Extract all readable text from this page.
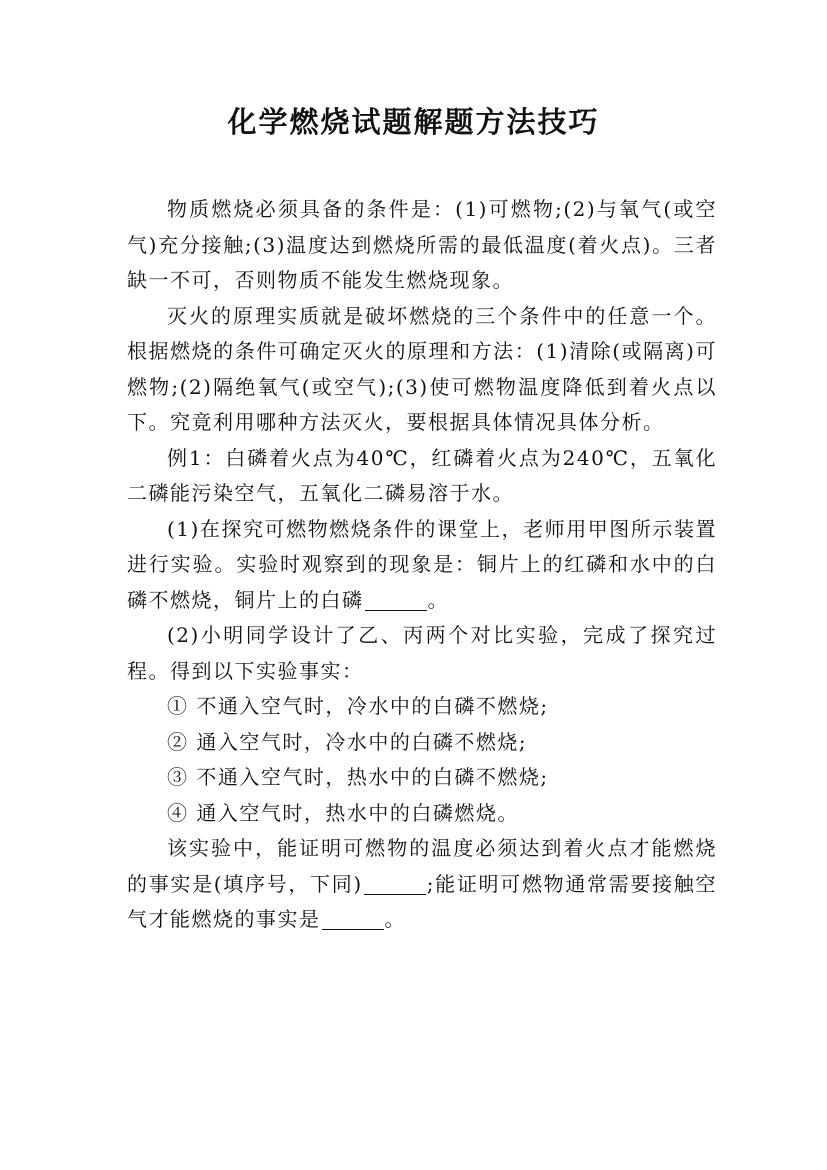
化学燃烧试题解题方法技巧

物质燃烧必须具备的条件是：(1)可燃物;(2)与氧气(或空气)充分接触;(3)温度达到燃烧所需的最低温度(着火点)。三者缺一不可，否则物质不能发生燃烧现象。

灭火的原理实质就是破坏燃烧的三个条件中的任意一个。根据燃烧的条件可确定灭火的原理和方法：(1)清除(或隔离)可燃物;(2)隔绝氧气(或空气);(3)使可燃物温度降低到着火点以下。究竟利用哪种方法灭火，要根据具体情况具体分析。

例1：白磷着火点为40℃，红磷着火点为240℃，五氧化二磷能污染空气，五氧化二磷易溶于水。

(1)在探究可燃物燃烧条件的课堂上，老师用甲图所示装置进行实验。实验时观察到的现象是：铜片上的红磷和水中的白磷不燃烧，铜片上的白磷	。

(2)小明同学设计了乙、丙两个对比实验，完成了探究过程。得到以下实验事实：

① 不通入空气时，冷水中的白磷不燃烧;

② 通入空气时，冷水中的白磷不燃烧;

③ 不通入空气时，热水中的白磷不燃烧;

④ 通入空气时，热水中的白磷燃烧。

该实验中，能证明可燃物的温度必须达到着火点才能燃烧的事实是(填序号，下同)	;能证明可燃物通常需要接触空气才能燃烧的事实是	。
